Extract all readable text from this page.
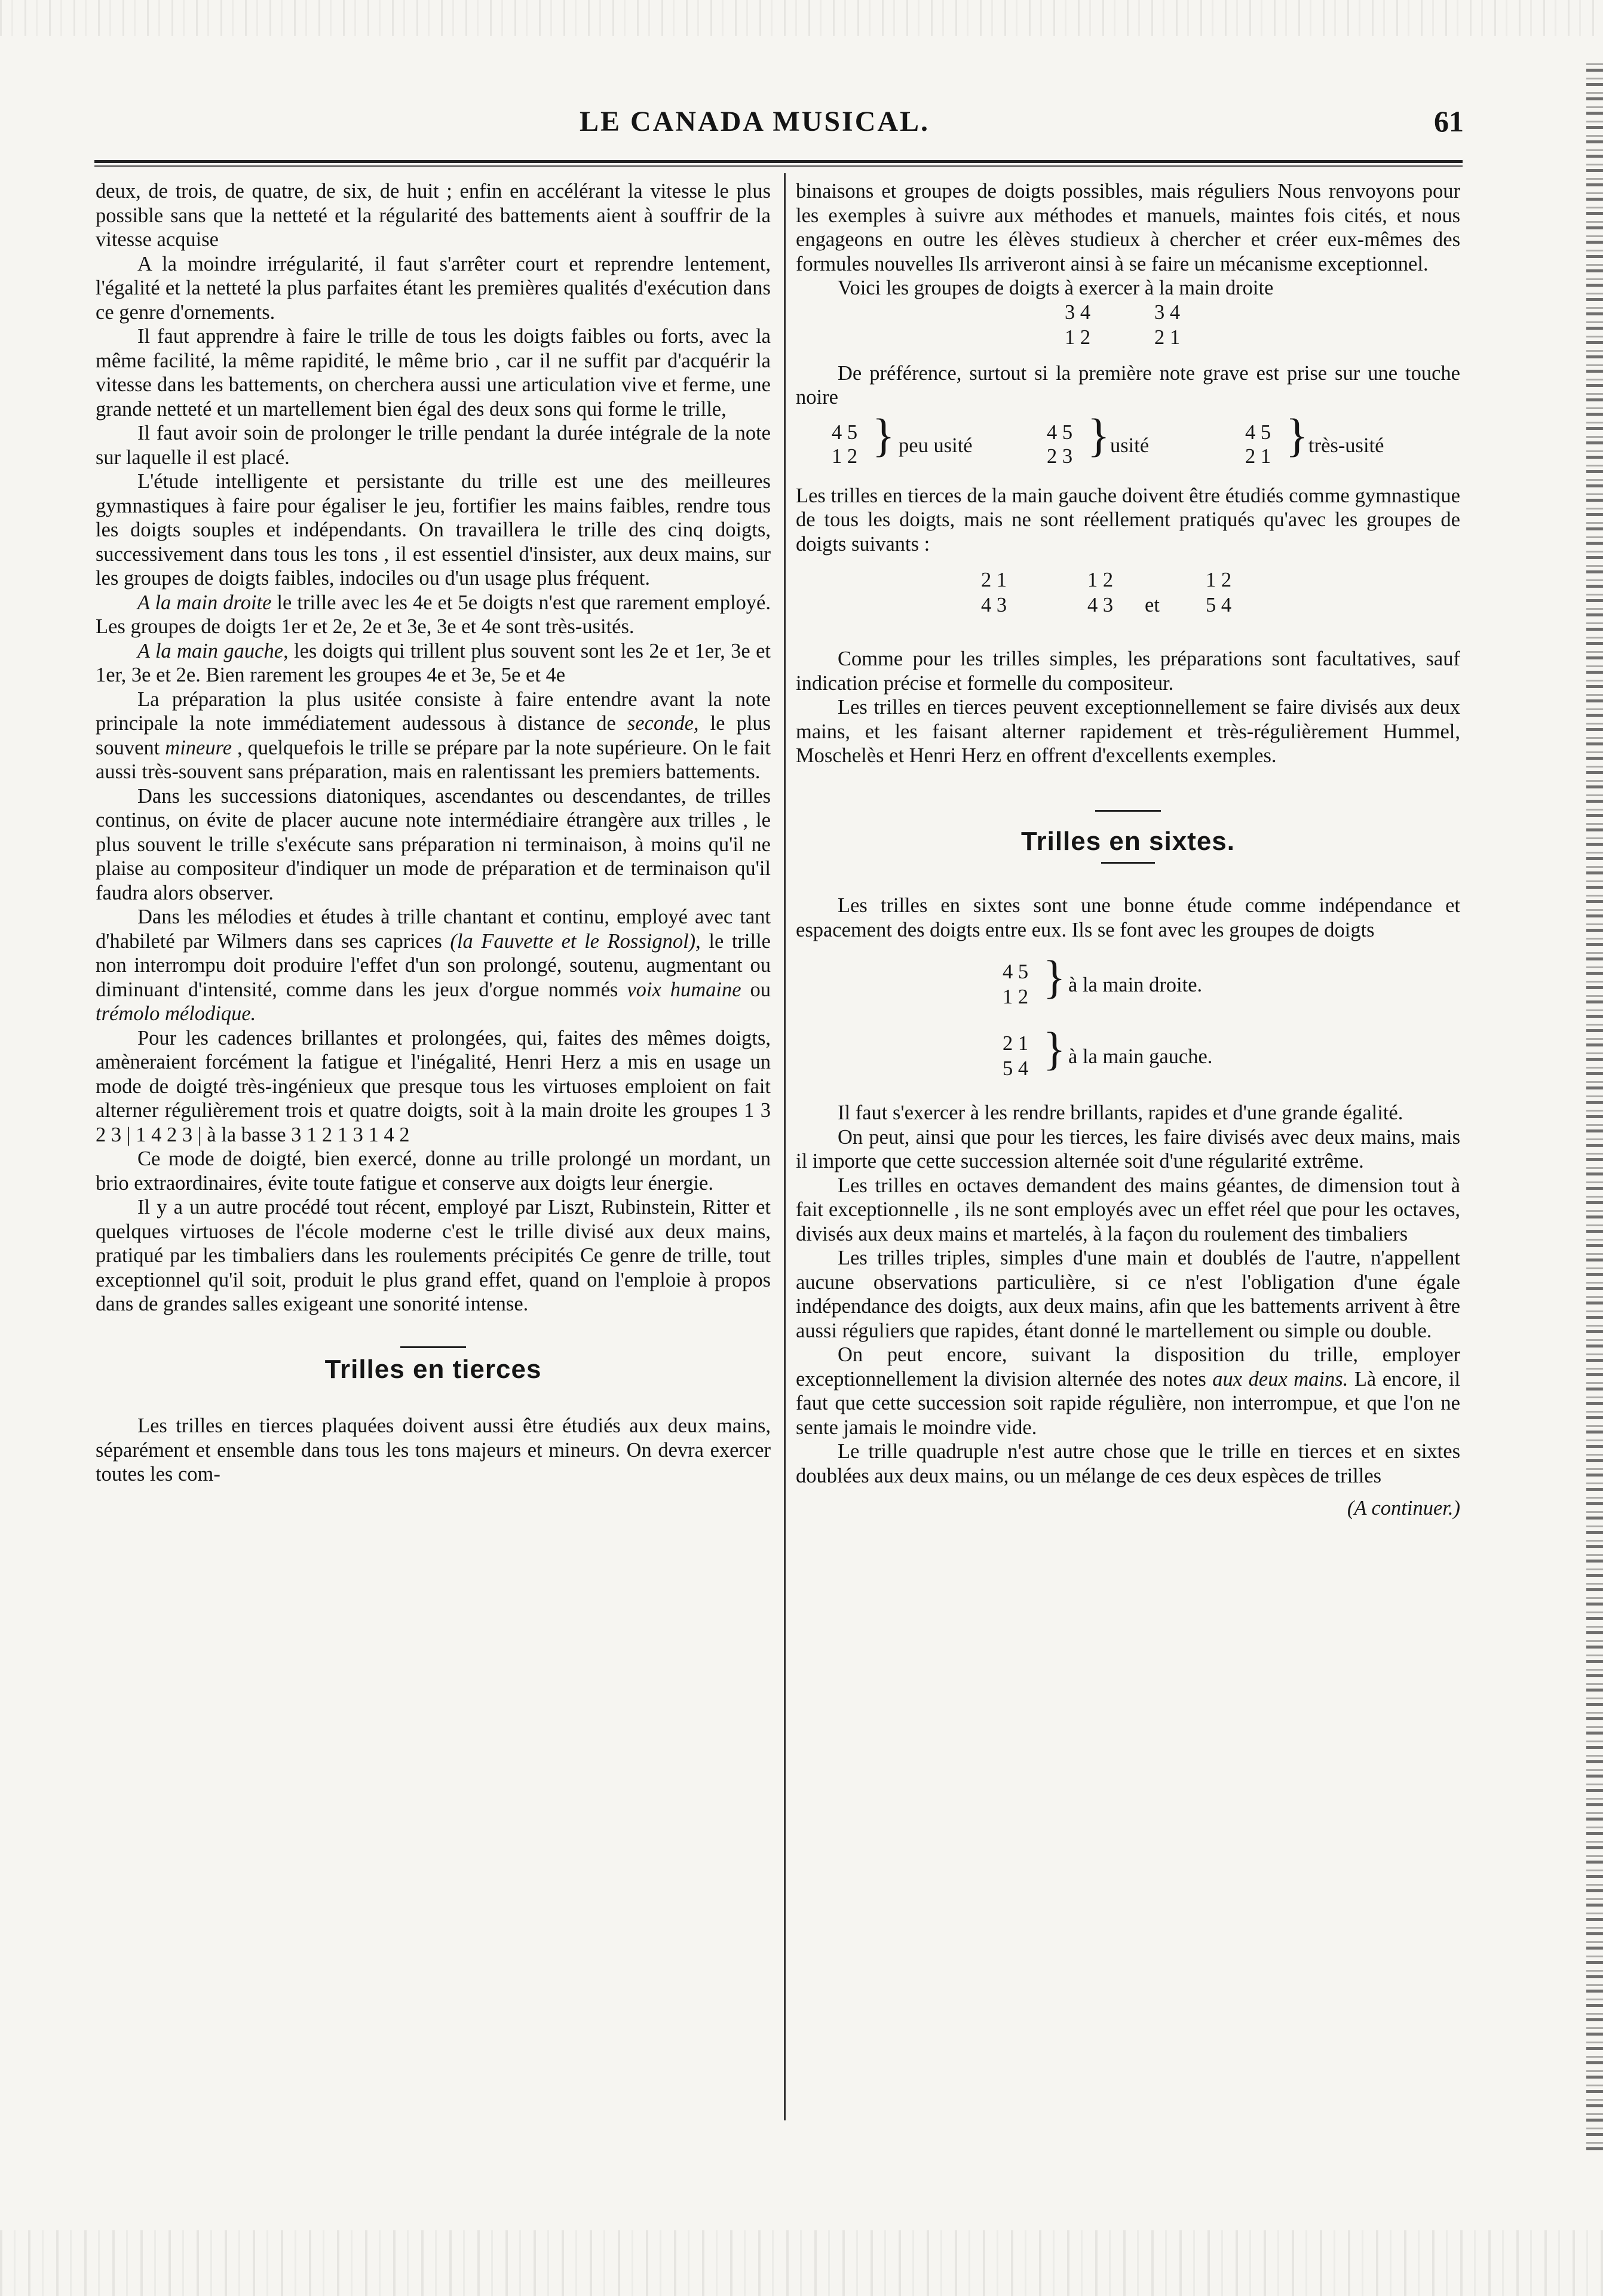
LE CANADA MUSICAL.	61

deux, de trois, de quatre, de six, de huit ; enfin en accélérant la vitesse le plus possible sans que la netteté et la régularité des battements aient à souffrir de la vitesse acquise

A la moindre irrégularité, il faut s'arrêter court et reprendre lentement, l'égalité et la netteté la plus parfaites étant les premières qualités d'exécution dans ce genre d'ornements.

Il faut apprendre à faire le trille de tous les doigts faibles ou forts, avec la même facilité, la même rapidité, le même brio , car il ne suffit par d'acquérir la vitesse dans les battements, on cherchera aussi une articulation vive et ferme, une grande netteté et un martellement bien égal des deux sons qui forme le trille,

Il faut avoir soin de prolonger le trille pendant la durée intégrale de la note sur laquelle il est placé.

L'étude intelligente et persistante du trille est une des meilleures gymnastiques à faire pour égaliser le jeu, fortifier les mains faibles, rendre tous les doigts souples et indépendants. On travaillera le trille des cinq doigts, successivement dans tous les tons , il est essentiel d'insister, aux deux mains, sur les groupes de doigts faibles, indociles ou d'un usage plus fréquent.

A la main droite le trille avec les 4e et 5e doigts n'est que rarement employé. Les groupes de doigts 1er et 2e, 2e et 3e, 3e et 4e sont très-usités.

A la main gauche, les doigts qui trillent plus souvent sont les 2e et 1er, 3e et 1er, 3e et 2e. Bien rarement les groupes 4e et 3e, 5e et 4e

La préparation la plus usitée consiste à faire entendre avant la note principale la note immédiatement audessous à distance de seconde, le plus souvent mineure , quelquefois le trille se prépare par la note supérieure. On le fait aussi très-souvent sans préparation, mais en ralentissant les premiers battements.

Dans les successions diatoniques, ascendantes ou descendantes, de trilles continus, on évite de placer aucune note intermédiaire étrangère aux trilles , le plus souvent le trille s'exécute sans préparation ni terminaison, à moins qu'il ne plaise au compositeur d'indiquer un mode de préparation et de terminaison qu'il faudra alors observer.

Dans les mélodies et études à trille chantant et continu, employé avec tant d'habileté par Wilmers dans ses caprices (la Fauvette et le Rossignol), le trille non interrompu doit produire l'effet d'un son prolongé, soutenu, augmentant ou diminuant d'intensité, comme dans les jeux d'orgue nommés voix humaine ou trémolo mélodique.

Pour les cadences brillantes et prolongées, qui, faites des mêmes doigts, amèneraient forcément la fatigue et l'inégalité, Henri Herz a mis en usage un mode de doigté très-ingénieux que presque tous les virtuoses emploient on fait alterner régulièrement trois et quatre doigts, soit à la main droite les groupes 1 3 2 3 | 1 4 2 3 | à la basse 3 1 2 1 3 1 4 2

Ce mode de doigté, bien exercé, donne au trille prolongé un mordant, un brio extraordinaires, évite toute fatigue et conserve aux doigts leur énergie.

Il y a un autre procédé tout récent, employé par Liszt, Rubinstein, Ritter et quelques virtuoses de l'école moderne c'est le trille divisé aux deux mains, pratiqué par les timbaliers dans les roulements précipités Ce genre de trille, tout exceptionnel qu'il soit, produit le plus grand effet, quand on l'emploie à propos dans de grandes salles exigeant une sonorité intense.

Trilles en tierces

Les trilles en tierces plaquées doivent aussi être étudiés aux deux mains, séparément et ensemble dans tous les tons majeurs et mineurs. On devra exercer toutes les com-

binaisons et groupes de doigts possibles, mais réguliers Nous renvoyons pour les exemples à suivre aux méthodes et manuels, maintes fois cités, et nous engageons en outre les élèves studieux à chercher et créer eux-mêmes des formules nouvelles Ils arriveront ainsi à se faire un mécanisme exceptionnel.

Voici les groupes de doigts à exercer à la main droite

3 4
1 2
3 4
2 1

De préférence, surtout si la première note grave est prise sur une touche noire

4 5
1 2 } peu usité
4 5
2 3 } usité
4 5
2 1 } très-usité

Les trilles en tierces de la main gauche doivent être étudiés comme gymnastique de tous les doigts, mais ne sont réellement pratiqués qu'avec les groupes de doigts suivants :

2 1
4 3
1 2
4 3 et
1 2
5 4

Comme pour les trilles simples, les préparations sont facultatives, sauf indication précise et formelle du compositeur.

Les trilles en tierces peuvent exceptionnellement se faire divisés aux deux mains, et les faisant alterner rapidement et très-régulièrement Hummel, Moschelès et Henri Herz en offrent d'excellents exemples.

Trilles en sixtes.

Les trilles en sixtes sont une bonne étude comme indépendance et espacement des doigts entre eux. Ils se font avec les groupes de doigts

4 5
1 2 } à la main droite.
2 1
5 4 } à la main gauche.

Il faut s'exercer à les rendre brillants, rapides et d'une grande égalité.

On peut, ainsi que pour les tierces, les faire divisés avec deux mains, mais il importe que cette succession alternée soit d'une régularité extrême.

Les trilles en octaves demandent des mains géantes, de dimension tout à fait exceptionnelle , ils ne sont employés avec un effet réel que pour les octaves, divisés aux deux mains et martelés, à la façon du roulement des timbaliers

Les trilles triples, simples d'une main et doublés de l'autre, n'appellent aucune observations particulière, si ce n'est l'obligation d'une égale indépendance des doigts, aux deux mains, afin que les battements arrivent à être aussi réguliers que rapides, étant donné le martellement ou simple ou double.

On peut encore, suivant la disposition du trille, employer exceptionnellement la division alternée des notes aux deux mains. Là encore, il faut que cette succession soit rapide régulière, non interrompue, et que l'on ne sente jamais le moindre vide.

Le trille quadruple n'est autre chose que le trille en tierces et en sixtes doublées aux deux mains, ou un mélange de ces deux espèces de trilles

(A continuer.)
